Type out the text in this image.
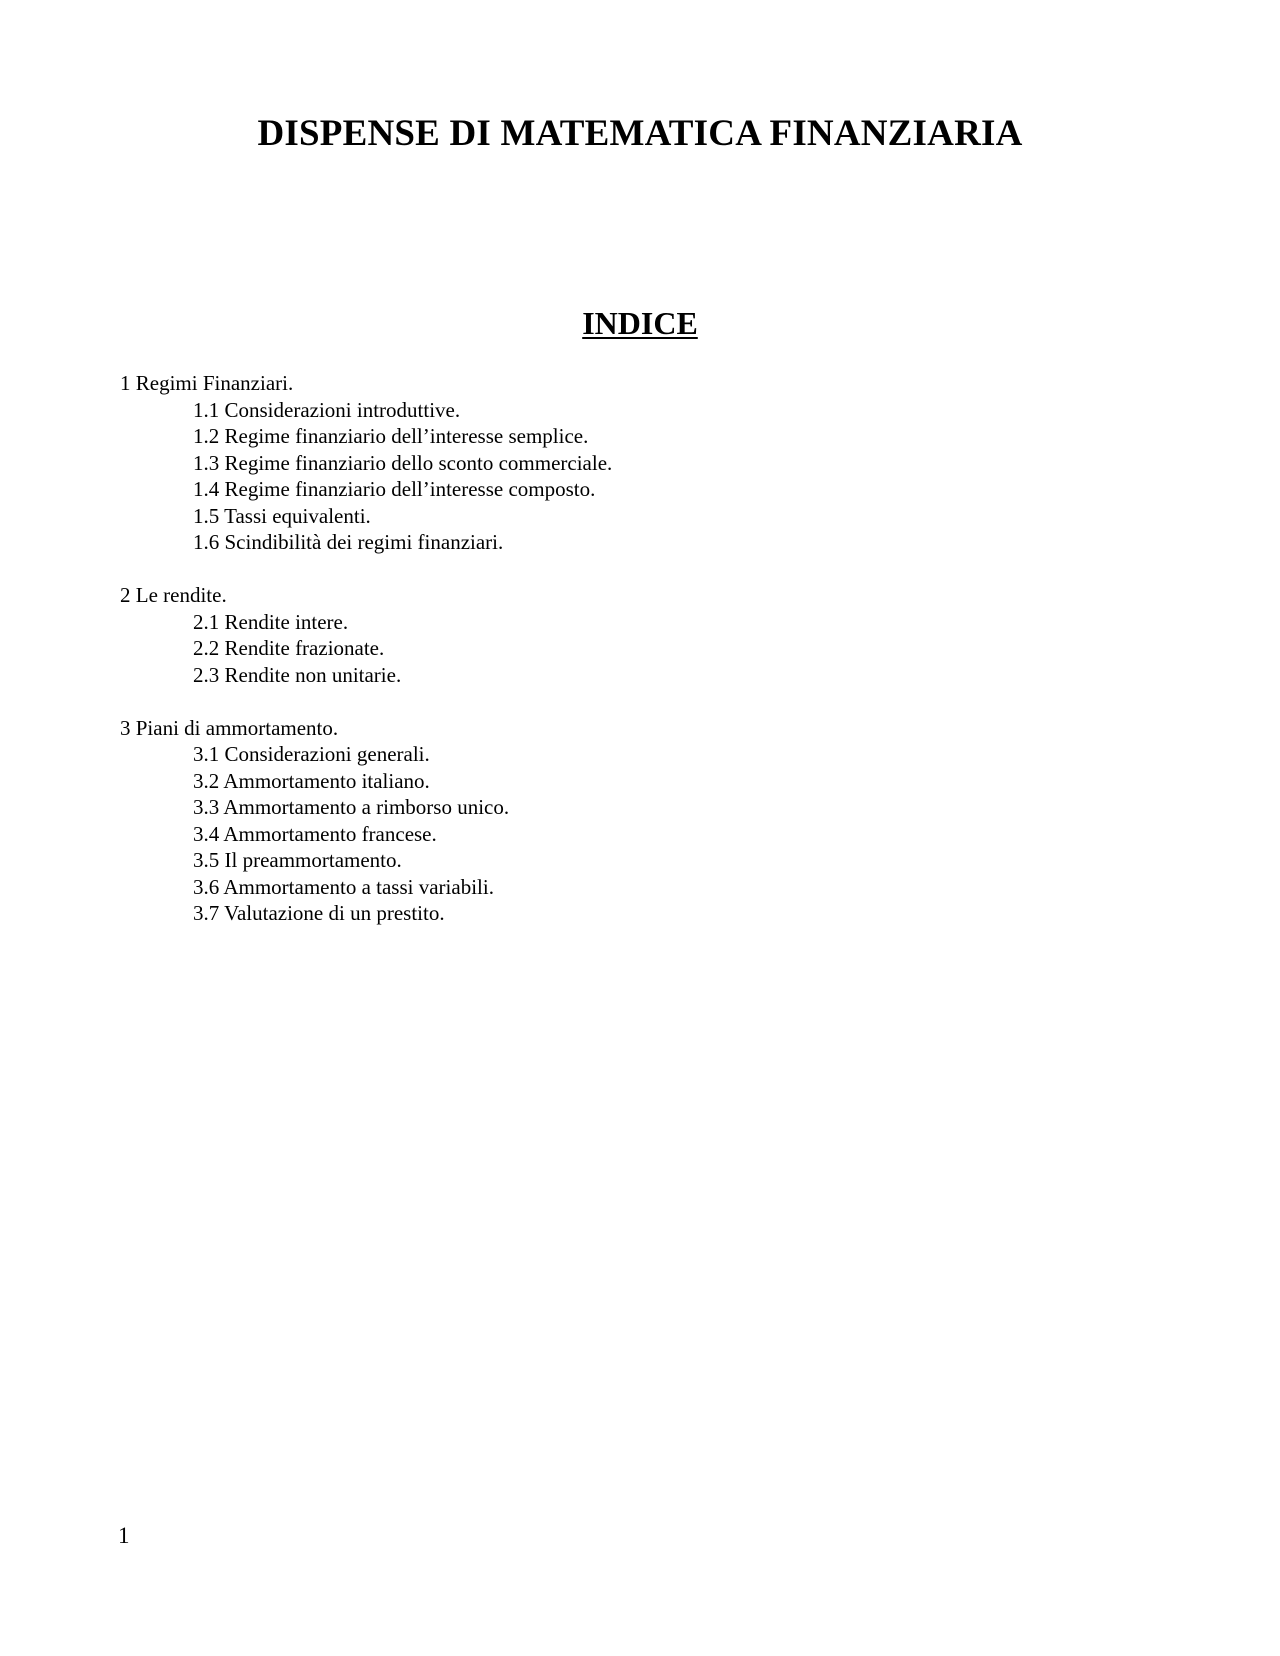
DISPENSE DI MATEMATICA FINANZIARIA
INDICE
1 Regimi Finanziari.
1.1 Considerazioni introduttive.
1.2 Regime finanziario dell’interesse semplice.
1.3 Regime finanziario dello sconto commerciale.
1.4 Regime finanziario dell’interesse composto.
1.5 Tassi equivalenti.
1.6 Scindibilità dei regimi finanziari.
2 Le rendite.
2.1 Rendite intere.
2.2 Rendite frazionate.
2.3 Rendite non unitarie.
3 Piani di ammortamento.
3.1 Considerazioni generali.
3.2 Ammortamento italiano.
3.3 Ammortamento a rimborso unico.
3.4 Ammortamento francese.
3.5 Il preammortamento.
3.6 Ammortamento a tassi variabili.
3.7 Valutazione di un prestito.

1
